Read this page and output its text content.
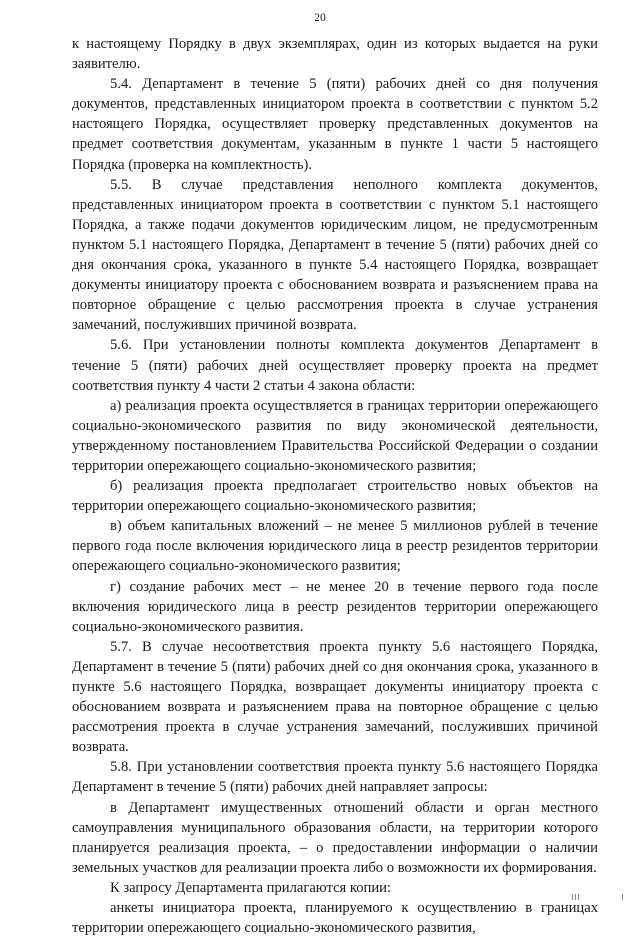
20

к настоящему Порядку в двух экземплярах, один из которых выдается на руки заявителю.

5.4. Департамент в течение 5 (пяти) рабочих дней со дня получения документов, представленных инициатором проекта в соответствии с пунктом 5.2 настоящего Порядка, осуществляет проверку представленных документов на предмет соответствия документам, указанным в пункте 1 части 5 настоящего Порядка (проверка на комплектность).

5.5. В случае представления неполного комплекта документов, представленных инициатором проекта в соответствии с пунктом 5.1 настоящего Порядка, а также подачи документов юридическим лицом, не предусмотренным пунктом 5.1 настоящего Порядка, Департамент в течение 5 (пяти) рабочих дней со дня окончания срока, указанного в пункте 5.4 настоящего Порядка, возвращает документы инициатору проекта с обоснованием возврата и разъяснением права на повторное обращение с целью рассмотрения проекта в случае устранения замечаний, послуживших причиной возврата.

5.6. При установлении полноты комплекта документов Департамент в течение 5 (пяти) рабочих дней осуществляет проверку проекта на предмет соответствия пункту 4 части 2 статьи 4 закона области:

а) реализация проекта осуществляется в границах территории опережающего социально-экономического развития по виду экономической деятельности, утвержденному постановлением Правительства Российской Федерации о создании территории опережающего социально-экономического развития;

б) реализация проекта предполагает строительство новых объектов на территории опережающего социально-экономического развития;

в) объем капитальных вложений – не менее 5 миллионов рублей в течение первого года после включения юридического лица в реестр резидентов территории опережающего социально-экономического развития;

г) создание рабочих мест – не менее 20 в течение первого года после включения юридического лица в реестр резидентов территории опережающего социально-экономического развития.

5.7. В случае несоответствия проекта пункту 5.6 настоящего Порядка, Департамент в течение 5 (пяти) рабочих дней со дня окончания срока, указанного в пункте 5.6 настоящего Порядка, возвращает документы инициатору проекта с обоснованием возврата и разъяснением права на повторное обращение с целью рассмотрения проекта в случае устранения замечаний, послуживших причиной возврата.

5.8. При установлении соответствия проекта пункту 5.6 настоящего Порядка Департамент в течение 5 (пяти) рабочих дней направляет запросы:

в Департамент имущественных отношений области и орган местного самоуправления муниципального образования области, на территории которого планируется реализация проекта, – о предоставлении информации о наличии земельных участков для реализации проекта либо о возможности их формирования.

К запросу Департамента прилагаются копии:

анкеты инициатора проекта, планируемого к осуществлению в границах территории опережающего социально-экономического развития,
